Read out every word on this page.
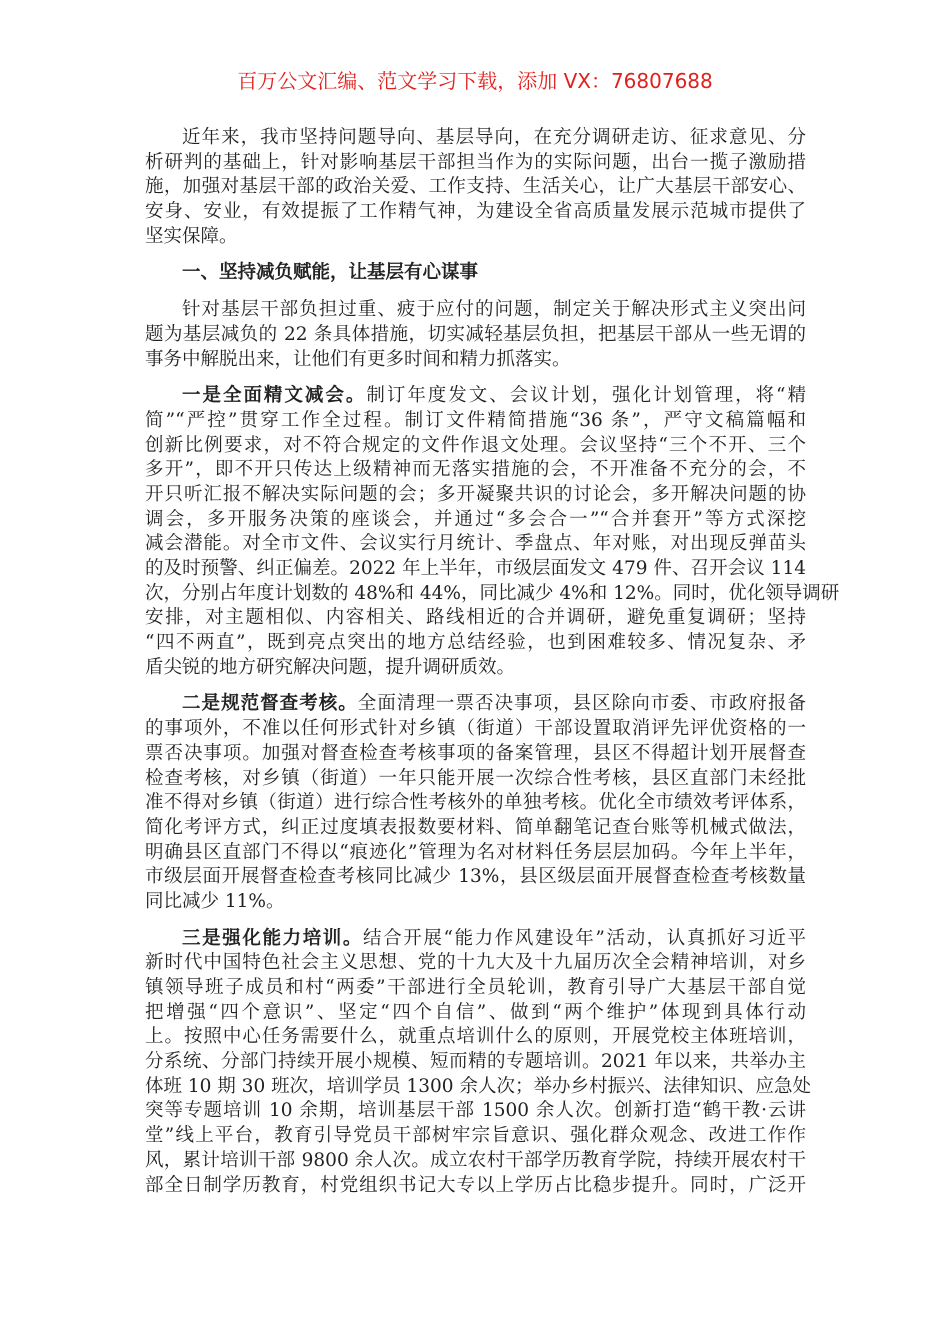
百万公文汇编、范文学习下载，添加 VX：76807688
近年来，我市坚持问题导向、基层导向，在充分调研走访、征求意见、分
析研判的基础上，针对影响基层干部担当作为的实际问题，出台一揽子激励措
施，加强对基层干部的政治关爱、工作支持、生活关心，让广大基层干部安心、
安身、安业，有效提振了工作精气神，为建设全省高质量发展示范城市提供了
坚实保障。
一、坚持减负赋能，让基层有心谋事
针对基层干部负担过重、疲于应付的问题，制定关于解决形式主义突出问
题为基层减负的 22 条具体措施，切实减轻基层负担，把基层干部从一些无谓的
事务中解脱出来，让他们有更多时间和精力抓落实。
一是全面精文减会。制订年度发文、会议计划，强化计划管理，将“精
简”“严控”贯穿工作全过程。制订文件精简措施“36 条”，严守文稿篇幅和
创新比例要求，对不符合规定的文件作退文处理。会议坚持“三个不开、三个
多开”，即不开只传达上级精神而无落实措施的会，不开准备不充分的会，不
开只听汇报不解决实际问题的会；多开凝聚共识的讨论会，多开解决问题的协
调会，多开服务决策的座谈会，并通过“多会合一”“合并套开”等方式深挖
减会潜能。对全市文件、会议实行月统计、季盘点、年对账，对出现反弹苗头
的及时预警、纠正偏差。2022 年上半年，市级层面发文 479 件、召开会议 114
次，分别占年度计划数的 48%和 44%，同比减少 4%和 12%。同时，优化领导调研
安排，对主题相似、内容相关、路线相近的合并调研，避免重复调研；坚持
“四不两直”，既到亮点突出的地方总结经验，也到困难较多、情况复杂、矛
盾尖锐的地方研究解决问题，提升调研质效。
二是规范督查考核。全面清理一票否决事项，县区除向市委、市政府报备
的事项外，不准以任何形式针对乡镇（街道）干部设置取消评先评优资格的一
票否决事项。加强对督查检查考核事项的备案管理，县区不得超计划开展督查
检查考核，对乡镇（街道）一年只能开展一次综合性考核，县区直部门未经批
准不得对乡镇（街道）进行综合性考核外的单独考核。优化全市绩效考评体系，
简化考评方式，纠正过度填表报数要材料、简单翻笔记查台账等机械式做法，
明确县区直部门不得以“痕迹化”管理为名对材料任务层层加码。今年上半年，
市级层面开展督查检查考核同比减少 13%，县区级层面开展督查检查考核数量
同比减少 11%。
三是强化能力培训。结合开展“能力作风建设年”活动，认真抓好习近平
新时代中国特色社会主义思想、党的十九大及十九届历次全会精神培训，对乡
镇领导班子成员和村“两委”干部进行全员轮训，教育引导广大基层干部自觉
把增强“四个意识”、坚定“四个自信”、做到“两个维护”体现到具体行动
上。按照中心任务需要什么，就重点培训什么的原则，开展党校主体班培训，
分系统、分部门持续开展小规模、短而精的专题培训。2021 年以来，共举办主
体班 10 期 30 班次，培训学员 1300 余人次；举办乡村振兴、法律知识、应急处
突等专题培训 10 余期，培训基层干部 1500 余人次。创新打造“鹤干教·云讲
堂”线上平台，教育引导党员干部树牢宗旨意识、强化群众观念、改进工作作
风，累计培训干部 9800 余人次。成立农村干部学历教育学院，持续开展农村干
部全日制学历教育，村党组织书记大专以上学历占比稳步提升。同时，广泛开
